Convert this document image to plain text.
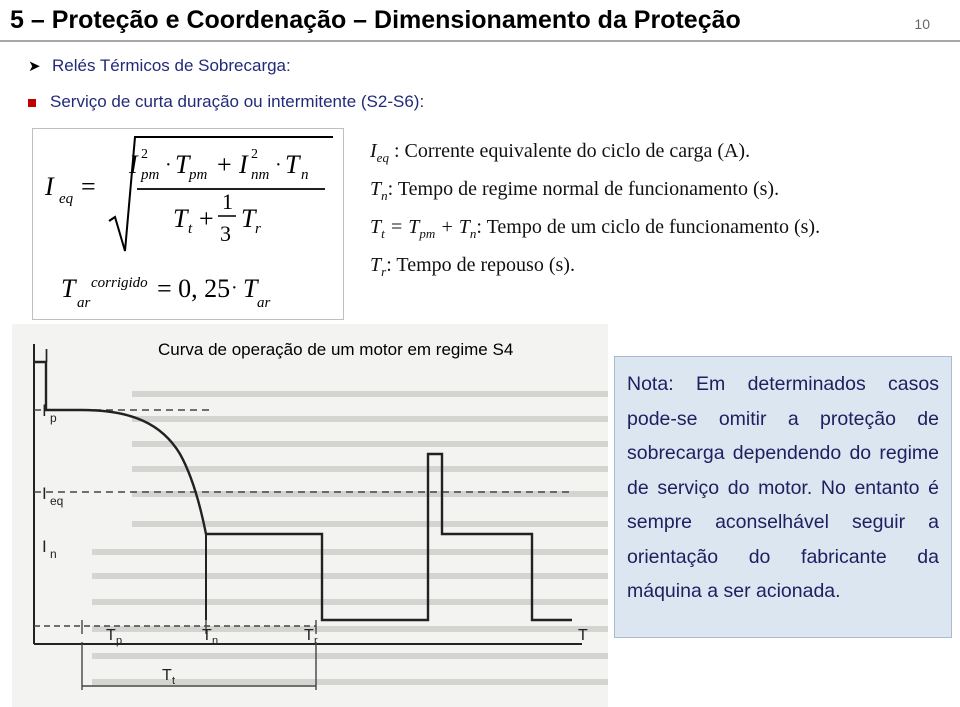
5 – Proteção e Coordenação – Dimensionamento da Proteção	10
➤ Relés Térmicos de Sobrecarga:
Serviço de curta duração ou intermitente (S2-S6):
I eq =
I 2
pm · T pm + I 2
nm · T n
T t +
1
3
T r
T ar
corrigido = 0, 25 · T ar
$I_{eq}$ : Corrente equivalente do ciclo de carga (A).
$T_n$: Tempo de regime normal de funcionamento (s).
$T_t = T_{pm} + T_n$: Tempo de um ciclo de funcionamento (s).
$T_r$: Tempo de repouso (s).
I
I p
I eq
I n
T p	T n	T r	T
T t
Curva de operação de um motor em regime S4
Nota: Em determinados casos pode-se omitir a proteção de sobrecarga dependendo do regime de serviço do motor. No entanto é sempre aconselhável seguir a orientação do fabricante da máquina a ser acionada.
